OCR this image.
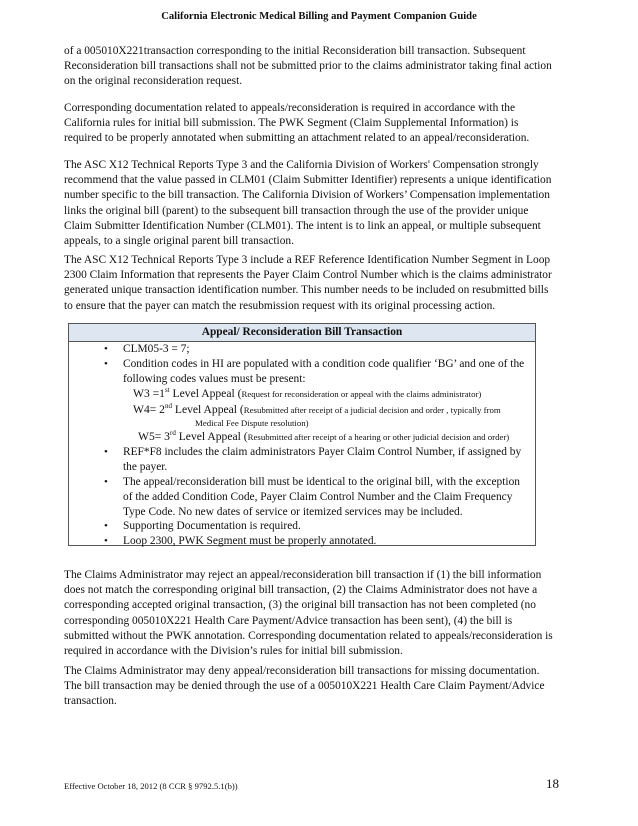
California Electronic Medical Billing and Payment Companion Guide

of a 005010X221transaction corresponding to the initial Reconsideration bill transaction. Subsequent
Reconsideration bill transactions shall not be submitted prior to the claims administrator taking final action
on the original reconsideration request.

Corresponding documentation related to appeals/reconsideration is required in accordance with the
California rules for initial bill submission. The PWK Segment (Claim Supplemental Information) is
required to be properly annotated when submitting an attachment related to an appeal/reconsideration.

The ASC X12 Technical Reports Type 3 and the California Division of Workers' Compensation strongly
recommend that the value passed in CLM01 (Claim Submitter Identifier) represents a unique identification
number specific to the bill transaction. The California Division of Workers’ Compensation implementation
links the original bill (parent) to the subsequent bill transaction through the use of the provider unique
Claim Submitter Identification Number (CLM01). The intent is to link an appeal, or multiple subsequent
appeals, to a single original parent bill transaction.

The ASC X12 Technical Reports Type 3 include a REF Reference Identification Number Segment in Loop
2300 Claim Information that represents the Payer Claim Control Number which is the claims administrator
generated unique transaction identification number. This number needs to be included on resubmitted bills
to ensure that the payer can match the resubmission request with its original processing action.

Appeal/ Reconsideration Bill Transaction
• CLM05-3 = 7;
• Condition codes in HI are populated with a condition code qualifier ‘BG’ and one of the
following codes values must be present:
W3 =1st Level Appeal (Request for reconsideration or appeal with the claims administrator)
W4= 2nd Level Appeal (Resubmitted after receipt of a judicial decision and order , typically from
Medical Fee Dispute resolution)
W5= 3rd Level Appeal (Resubmitted after receipt of a hearing or other judicial decision and order)
• REF*F8 includes the claim administrators Payer Claim Control Number, if assigned by
the payer.
• The appeal/reconsideration bill must be identical to the original bill, with the exception
of the added Condition Code, Payer Claim Control Number and the Claim Frequency
Type Code. No new dates of service or itemized services may be included.
• Supporting Documentation is required.
• Loop 2300, PWK Segment must be properly annotated.

The Claims Administrator may reject an appeal/reconsideration bill transaction if (1) the bill information
does not match the corresponding original bill transaction, (2) the Claims Administrator does not have a
corresponding accepted original transaction, (3) the original bill transaction has not been completed (no
corresponding 005010X221 Health Care Payment/Advice transaction has been sent), (4) the bill is
submitted without the PWK annotation. Corresponding documentation related to appeals/reconsideration is
required in accordance with the Division’s rules for initial bill submission.

The Claims Administrator may deny appeal/reconsideration bill transactions for missing documentation.
The bill transaction may be denied through the use of a 005010X221 Health Care Claim Payment/Advice
transaction.

Effective October 18, 2012 (8 CCR § 9792.5.1(b))	18
